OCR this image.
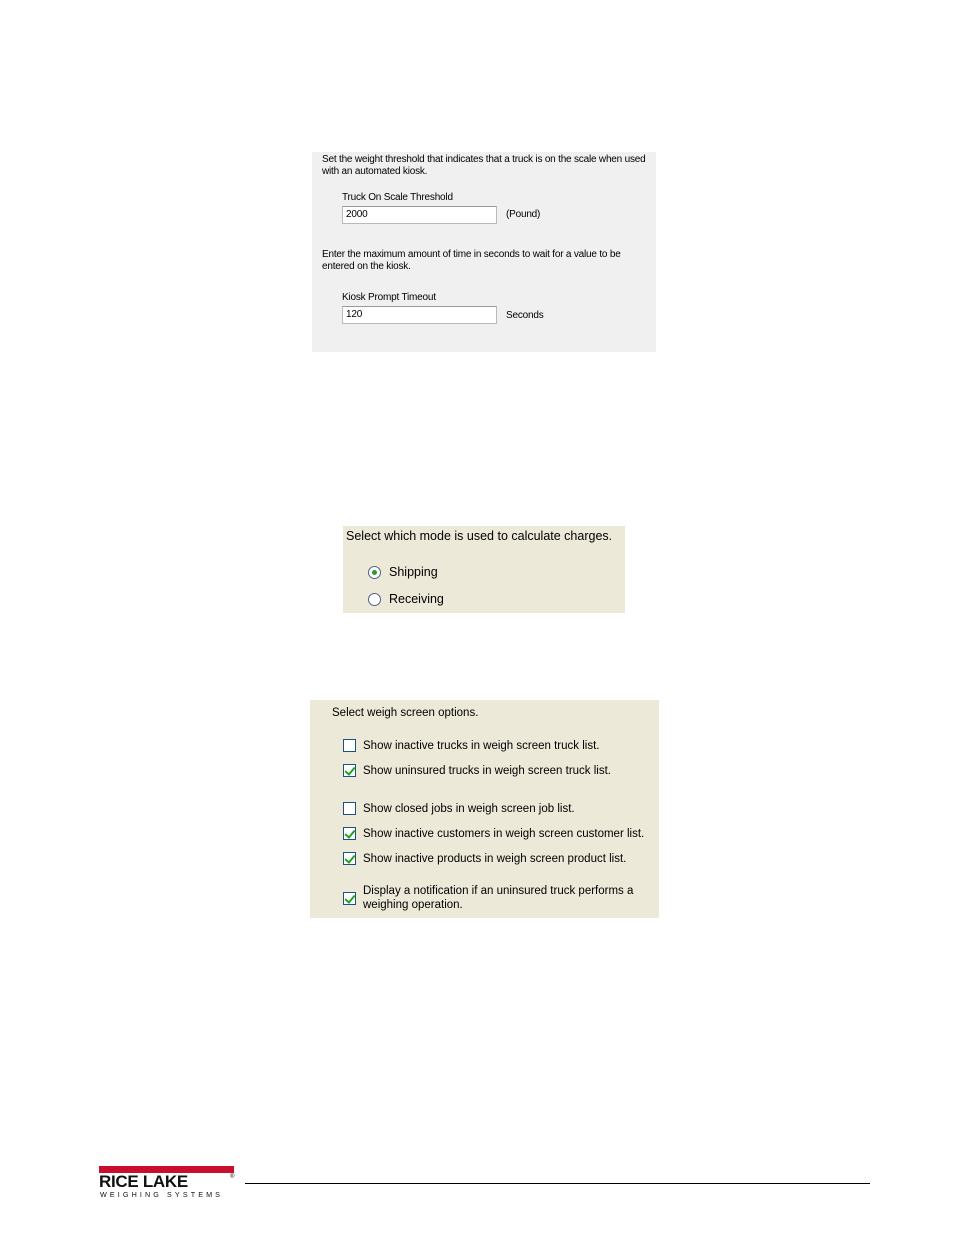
Set the weight threshold that indicates that a truck is on the scale when used with an automated kiosk.
Truck On Scale Threshold
2000	(Pound)
Enter the maximum amount of time in seconds to wait for a value to be entered on the kiosk.
Kiosk Prompt Timeout
120	Seconds
Select which mode is used to calculate charges.
Shipping
Receiving
Select weigh screen options.
Show inactive trucks in weigh screen truck list.
Show uninsured trucks in weigh screen truck list.
Show closed jobs in weigh screen job list.
Show inactive customers in weigh screen customer list.
Show inactive products in weigh screen product list.
Display a notification if an uninsured truck performs a weighing operation.
RICE LAKE	®
WEIGHING SYSTEMS
